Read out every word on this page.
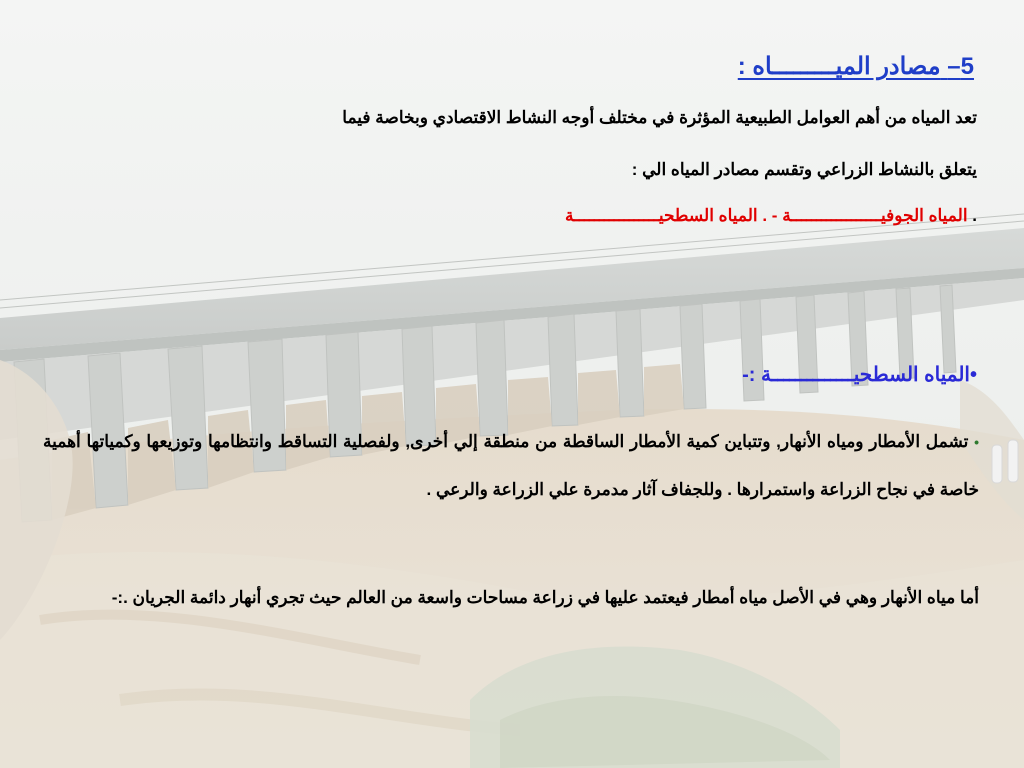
5– مصادر الميـــــــــاه :
تعد المياه من أهم العوامل الطبيعية المؤثرة في مختلف أوجه النشاط الاقتصادي وبخاصة فيما
يتعلق بالنشاط الزراعي وتقسم مصادر المياه الي :
. المياه الجوفيــــــــــــــــــة - . المياه السطحيـــــــــــــــــة
•المياه السطحيــــــــــــــة :-
• تشمل الأمطار ومياه الأنهار, وتتباين كمية الأمطار الساقطة من منطقة إلي أخرى, ولفصلية التساقط وانتظامها وتوزيعها وكمياتها أهمية خاصة في نجاح الزراعة واستمرارها . وللجفاف آثار مدمرة علي الزراعة والرعي .
أما مياه الأنهار وهي في الأصل مياه أمطار فيعتمد عليها في زراعة مساحات واسعة من العالم حيث تجري أنهار دائمة الجريان .:-
